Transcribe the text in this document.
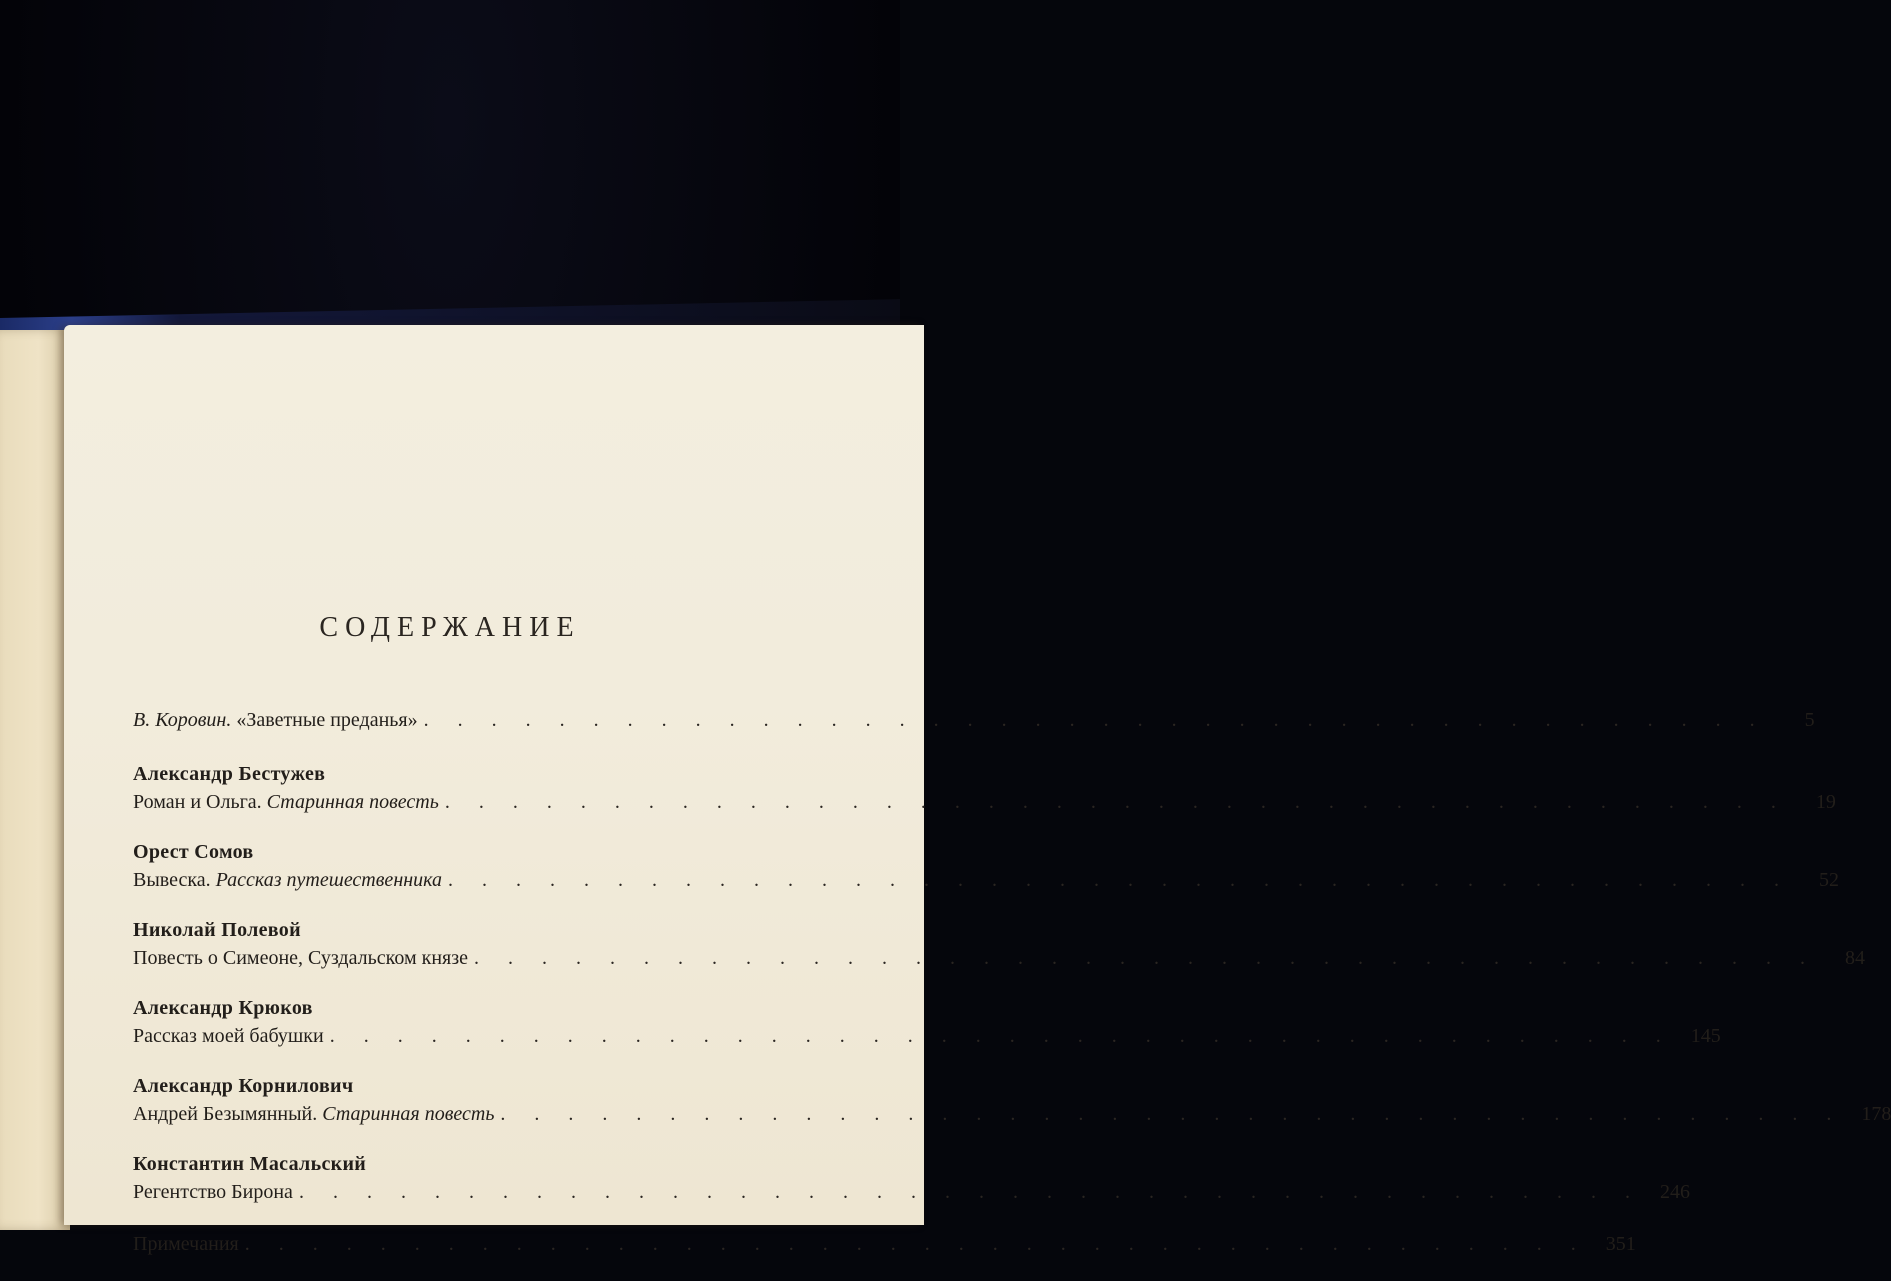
СОДЕРЖАНИЕ
В. Коровин. «Заветные преданья» . . .	5
Александр Бестужев
Роман и Ольга. Старинная повесть . . .	19
Орест Сомов
Вывеска. Рассказ путешественника . . .	52
Николай Полевой
Повесть о Симеоне, Суздальском князе . . .	84
Александр Крюков
Рассказ моей бабушки . . .	145
Александр Корнилович
Андрей Безымянный. Старинная повесть . . .	178
Константин Масальский
Регентство Бирона . . .	246
Примечания . . .	351
